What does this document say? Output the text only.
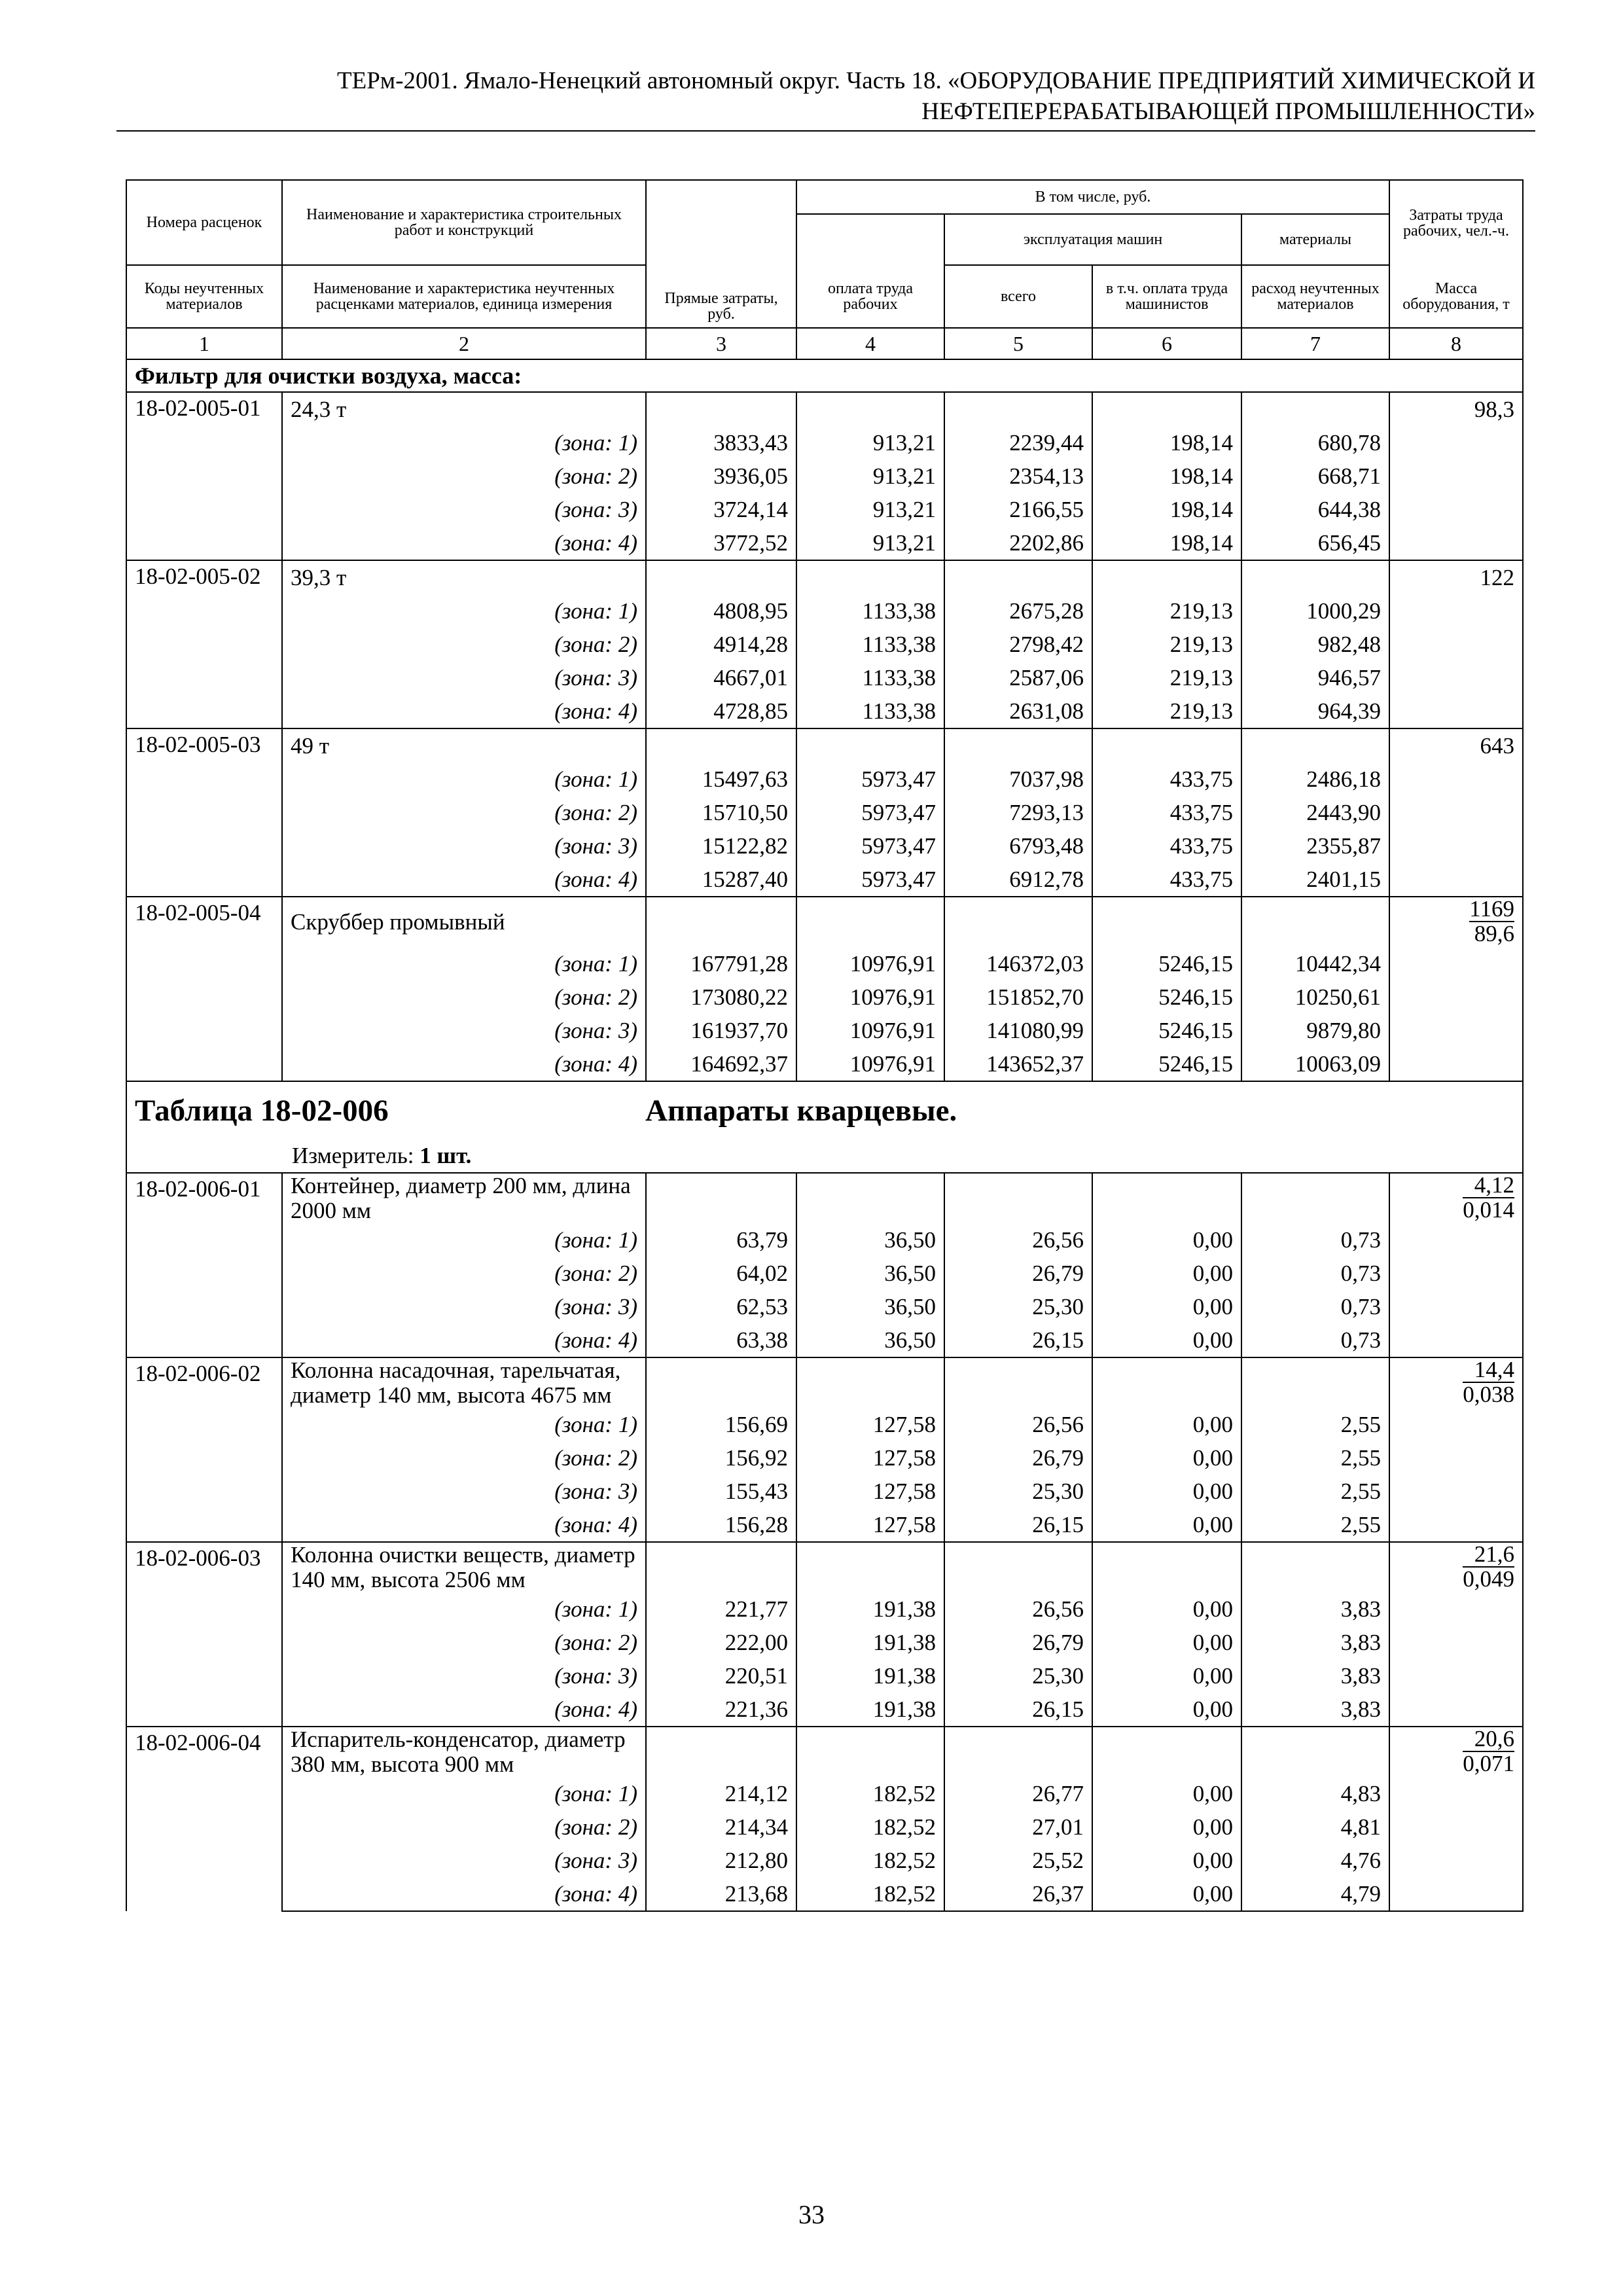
ТЕРм-2001. Ямало-Ненецкий автономный округ. Часть 18. «ОБОРУДОВАНИЕ ПРЕДПРИЯТИЙ ХИМИЧЕСКОЙ И
НЕФТЕПЕРЕРАБАТЫВАЮЩЕЙ ПРОМЫШЛЕННОСТИ»
Номера расценок	Наименование и характеристика строительных работ и конструкций	Прямые затраты, руб.	В том числе, руб.				Затраты труда рабочих, чел.-ч.
				эксплуатация машин		материалы	
Коды неучтенных материалов	Наименование и характеристика неучтенных расценками материалов, единица измерения		оплата труда рабочих	всего	в т.ч. оплата труда машинистов	расход неучтенных материалов	Масса оборудования, т
1	2	3	4	5	6	7	8
Фильтр для очистки воздуха, масса:							
18-02-005-01	24,3 т						98,3
	(зона: 1)	3833,43	913,21	2239,44	198,14	680,78	
	(зона: 2)	3936,05	913,21	2354,13	198,14	668,71	
	(зона: 3)	3724,14	913,21	2166,55	198,14	644,38	
	(зона: 4)	3772,52	913,21	2202,86	198,14	656,45	
18-02-005-02	39,3 т						122
	(зона: 1)	4808,95	1133,38	2675,28	219,13	1000,29	
	(зона: 2)	4914,28	1133,38	2798,42	219,13	982,48	
	(зона: 3)	4667,01	1133,38	2587,06	219,13	946,57	
	(зона: 4)	4728,85	1133,38	2631,08	219,13	964,39	
18-02-005-03	49 т						643
	(зона: 1)	15497,63	5973,47	7037,98	433,75	2486,18	
	(зона: 2)	15710,50	5973,47	7293,13	433,75	2443,90	
	(зона: 3)	15122,82	5973,47	6793,48	433,75	2355,87	
	(зона: 4)	15287,40	5973,47	6912,78	433,75	2401,15	
18-02-005-04	Скруббер промывный						$\frac{1169}{89,6}$

	(зона: 1)	167791,28	10976,91	146372,03	5246,15	10442,34	
	(зона: 2)	173080,22	10976,91	151852,70	5246,15	10250,61	
	(зона: 3)	161937,70	10976,91	141080,99	5246,15	9879,80	
	(зона: 4)	164692,37	10976,91	143652,37	5246,15	10063,09	
Таблица 18-02-006 Аппараты кварцевые.							
Измеритель: 1 шт.							
18-02-006-01	Контейнер, диаметр 200 мм, длина 2000 мм						$\frac{4,12}{0,014}$

	(зона: 1)	63,79	36,50	26,56	0,00	0,73	
	(зона: 2)	64,02	36,50	26,79	0,00	0,73	
	(зона: 3)	62,53	36,50	25,30	0,00	0,73	
	(зона: 4)	63,38	36,50	26,15	0,00	0,73	
18-02-006-02	Колонна насадочная, тарельчатая, диаметр 140 мм, высота 4675 мм						$\frac{14,4}{0,038}$

	(зона: 1)	156,69	127,58	26,56	0,00	2,55	
	(зона: 2)	156,92	127,58	26,79	0,00	2,55	
	(зона: 3)	155,43	127,58	25,30	0,00	2,55	
	(зона: 4)	156,28	127,58	26,15	0,00	2,55	
18-02-006-03	Колонна очистки веществ, диаметр 140 мм, высота 2506 мм						$\frac{21,6}{0,049}$

	(зона: 1)	221,77	191,38	26,56	0,00	3,83	
	(зона: 2)	222,00	191,38	26,79	0,00	3,83	
	(зона: 3)	220,51	191,38	25,30	0,00	3,83	
	(зона: 4)	221,36	191,38	26,15	0,00	3,83	
18-02-006-04	Испаритель-конденсатор, диаметр 380 мм, высота 900 мм						$\frac{20,6}{0,071}$

	(зона: 1)	214,12	182,52	26,77	0,00	4,83	
	(зона: 2)	214,34	182,52	27,01	0,00	4,81	
	(зона: 3)	212,80	182,52	25,52	0,00	4,76	
	(зона: 4)	213,68	182,52	26,37	0,00	4,79	
33
